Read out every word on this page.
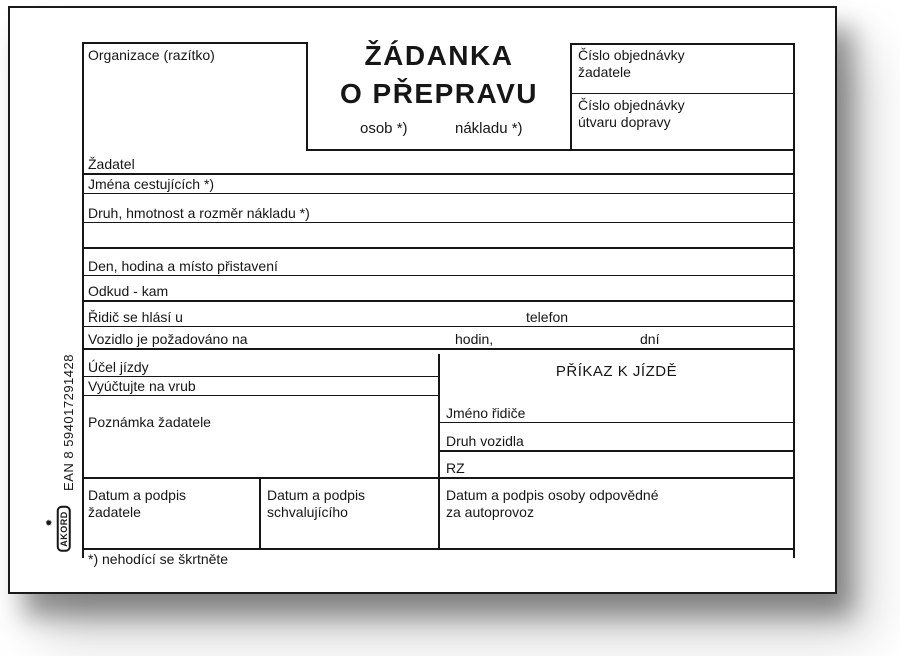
Organizace (razítko)	ŽÁDANKA
O PŘEPRAVU
osob *)	nákladu *)
Číslo objednávky
žadatele
Číslo objednávky
útvaru dopravy
Žadatel
Jména cestujících *)
Druh, hmotnost a rozměr nákladu *)
Den, hodina a místo přistavení
Odkud - kam
Řidič se hlásí u	telefon
Vozidlo je požadováno na	hodin,	dní
Účel jízdy
Vyúčtujte na vrub
Poznámka žadatele
PŘÍKAZ K JÍZDĚ
Jméno řidiče
Druh vozidla
RZ
Datum a podpis
žadatele
Datum a podpis
schvalujícího
Datum a podpis osoby odpovědné
za autoprovoz
*) nehodící se škrtněte
EAN 8 594017291428
✹ AKORD
